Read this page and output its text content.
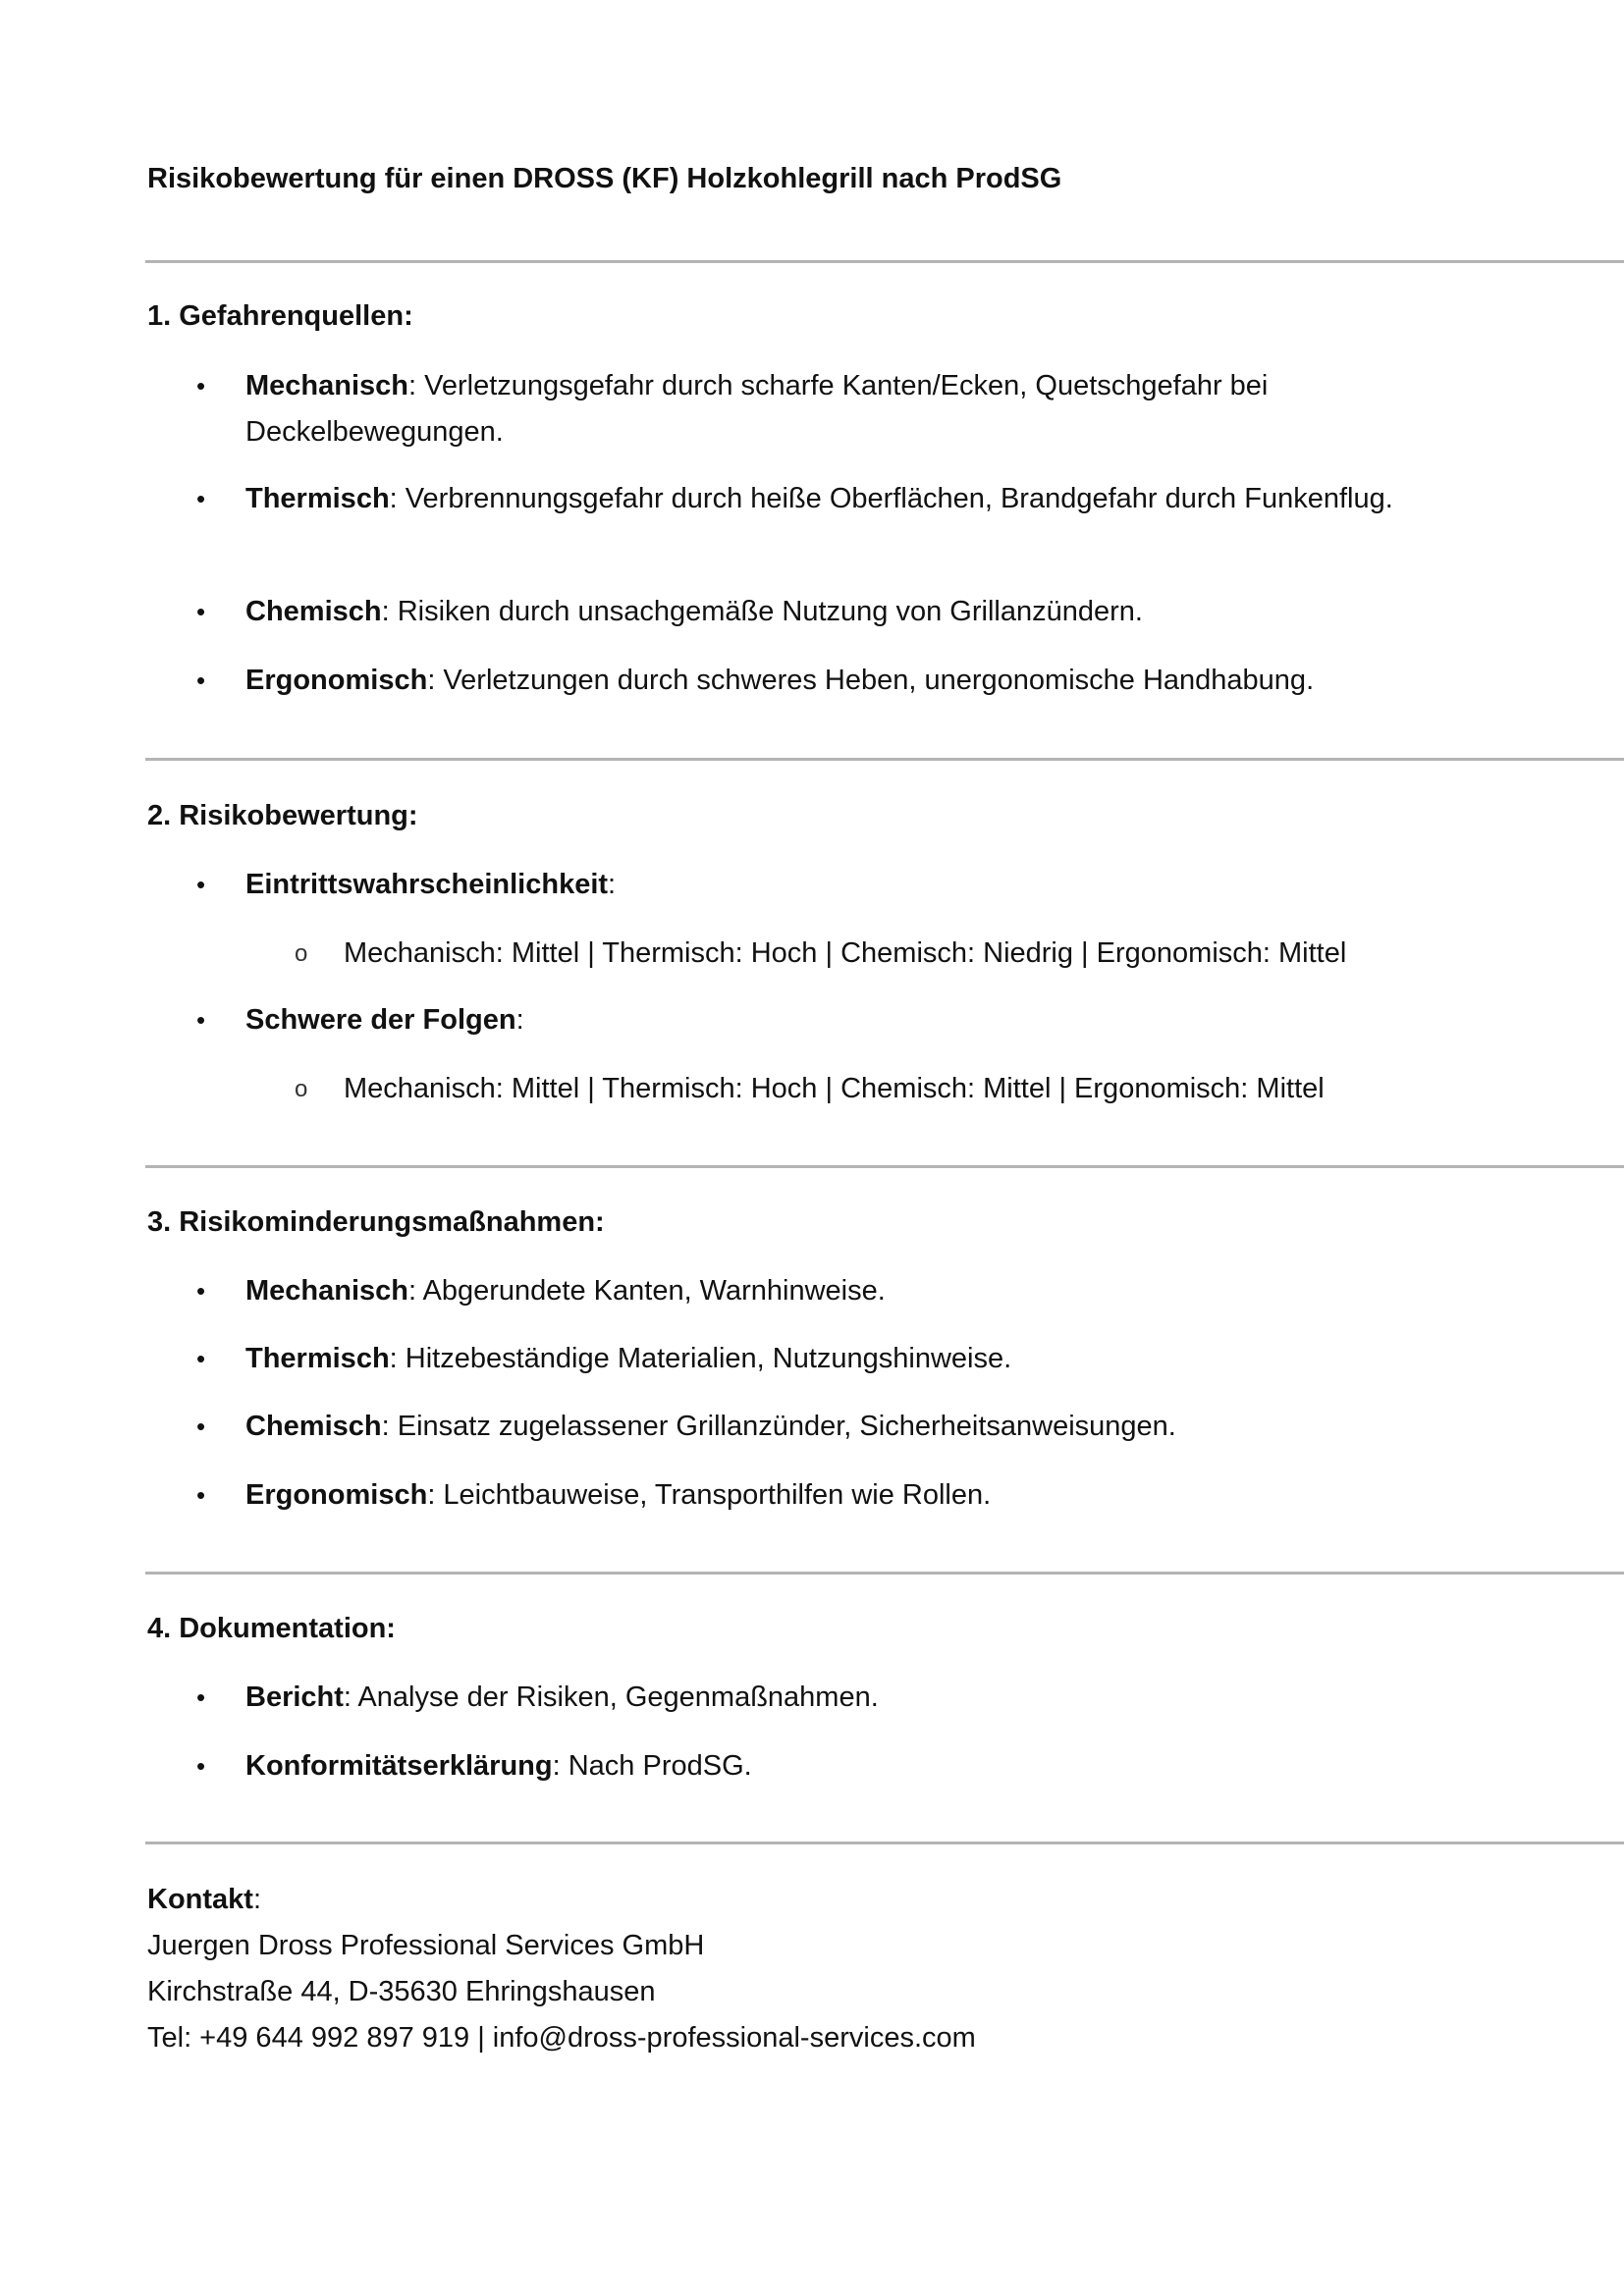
Risikobewertung für einen DROSS (KF) Holzkohlegrill nach ProdSG
1. Gefahrenquellen:
• Mechanisch: Verletzungsgefahr durch scharfe Kanten/Ecken, Quetschgefahr bei Deckelbewegungen.
• Thermisch: Verbrennungsgefahr durch heiße Oberflächen, Brandgefahr durch Funkenflug.
• Chemisch: Risiken durch unsachgemäße Nutzung von Grillanzündern.
• Ergonomisch: Verletzungen durch schweres Heben, unergonomische Handhabung.
2. Risikobewertung:
• Eintrittswahrscheinlichkeit:
o Mechanisch: Mittel | Thermisch: Hoch | Chemisch: Niedrig | Ergonomisch: Mittel
• Schwere der Folgen:
o Mechanisch: Mittel | Thermisch: Hoch | Chemisch: Mittel | Ergonomisch: Mittel
3. Risikominderungsmaßnahmen:
• Mechanisch: Abgerundete Kanten, Warnhinweise.
• Thermisch: Hitzebeständige Materialien, Nutzungshinweise.
• Chemisch: Einsatz zugelassener Grillanzünder, Sicherheitsanweisungen.
• Ergonomisch: Leichtbauweise, Transporthilfen wie Rollen.
4. Dokumentation:
• Bericht: Analyse der Risiken, Gegenmaßnahmen.
• Konformitätserklärung: Nach ProdSG.
Kontakt:
Juergen Dross Professional Services GmbH
Kirchstraße 44, D-35630 Ehringshausen
Tel: +49 644 992 897 919 | info@dross-professional-services.com
